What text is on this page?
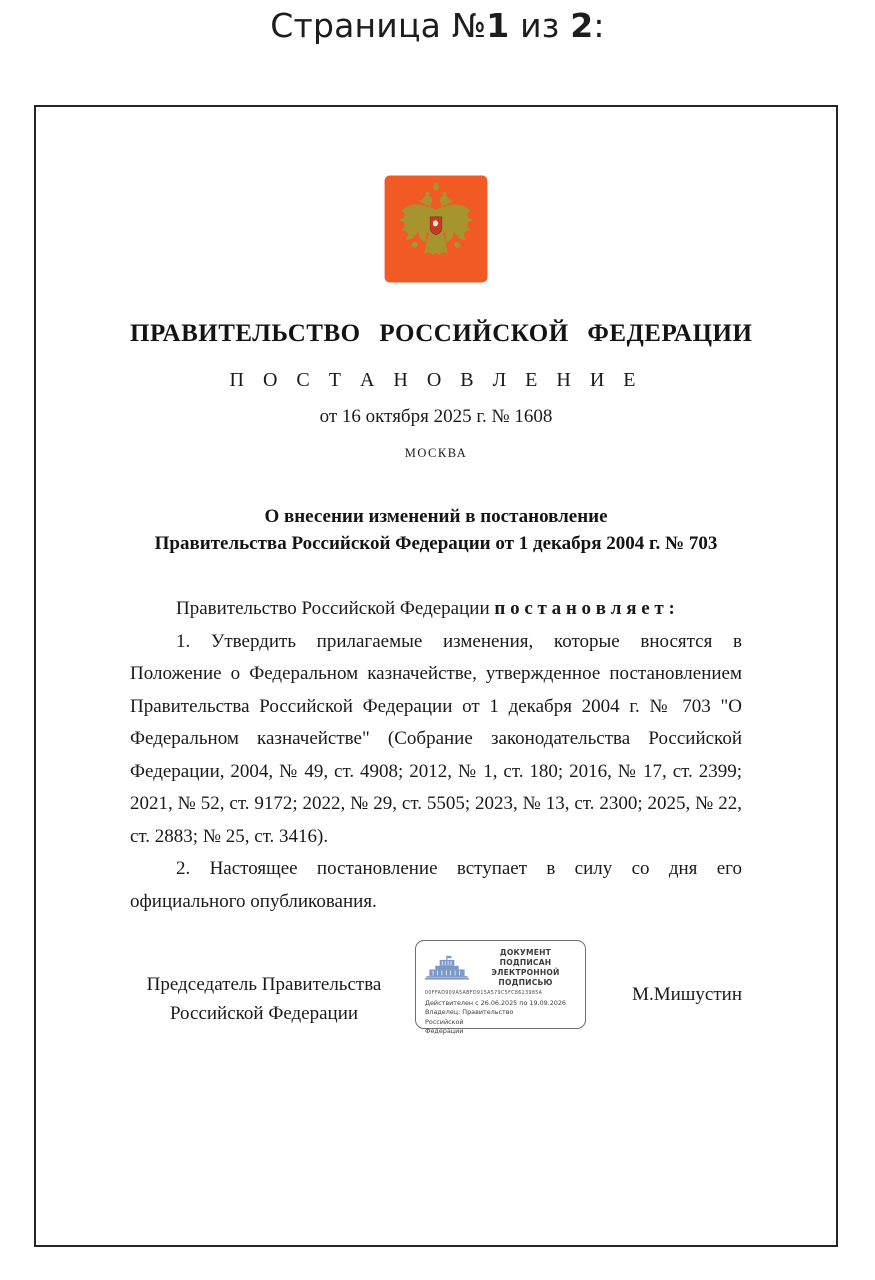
Страница №1 из 2:
ПРАВИТЕЛЬСТВО РОССИЙСКОЙ ФЕДЕРАЦИИ
П О С Т А Н О В Л Е Н И Е
от 16 октября 2025 г. № 1608
МОСКВА
О внесении изменений в постановление
Правительства Российской Федерации от 1 декабря 2004 г. № 703
Правительство Российской Федерации п о с т а н о в л я е т :
1. Утвердить прилагаемые изменения, которые вносятся в Положение о Федеральном казначействе, утвержденное постановлением Правительства Российской Федерации от 1 декабря 2004 г. № 703 "О Федеральном казначействе" (Собрание законодательства Российской Федерации, 2004, № 49, ст. 4908; 2012, № 1, ст. 180; 2016, № 17, ст. 2399; 2021, № 52, ст. 9172; 2022, № 29, ст. 5505; 2023, № 13, ст. 2300; 2025, № 22, ст. 2883; № 25, ст. 3416).
2. Настоящее постановление вступает в силу со дня его официального опубликования.
Председатель Правительства
Российской Федерации
ДОКУМЕНТ ПОДПИСАН
ЭЛЕКТРОННОЙ ПОДПИСЬЮ
00FFAD909A5ABFD915A579C5FC8623985A
Действителен с 26.06.2025 по 19.09.2026
Владелец: Правительство Российской
Федерации
М.Мишустин
